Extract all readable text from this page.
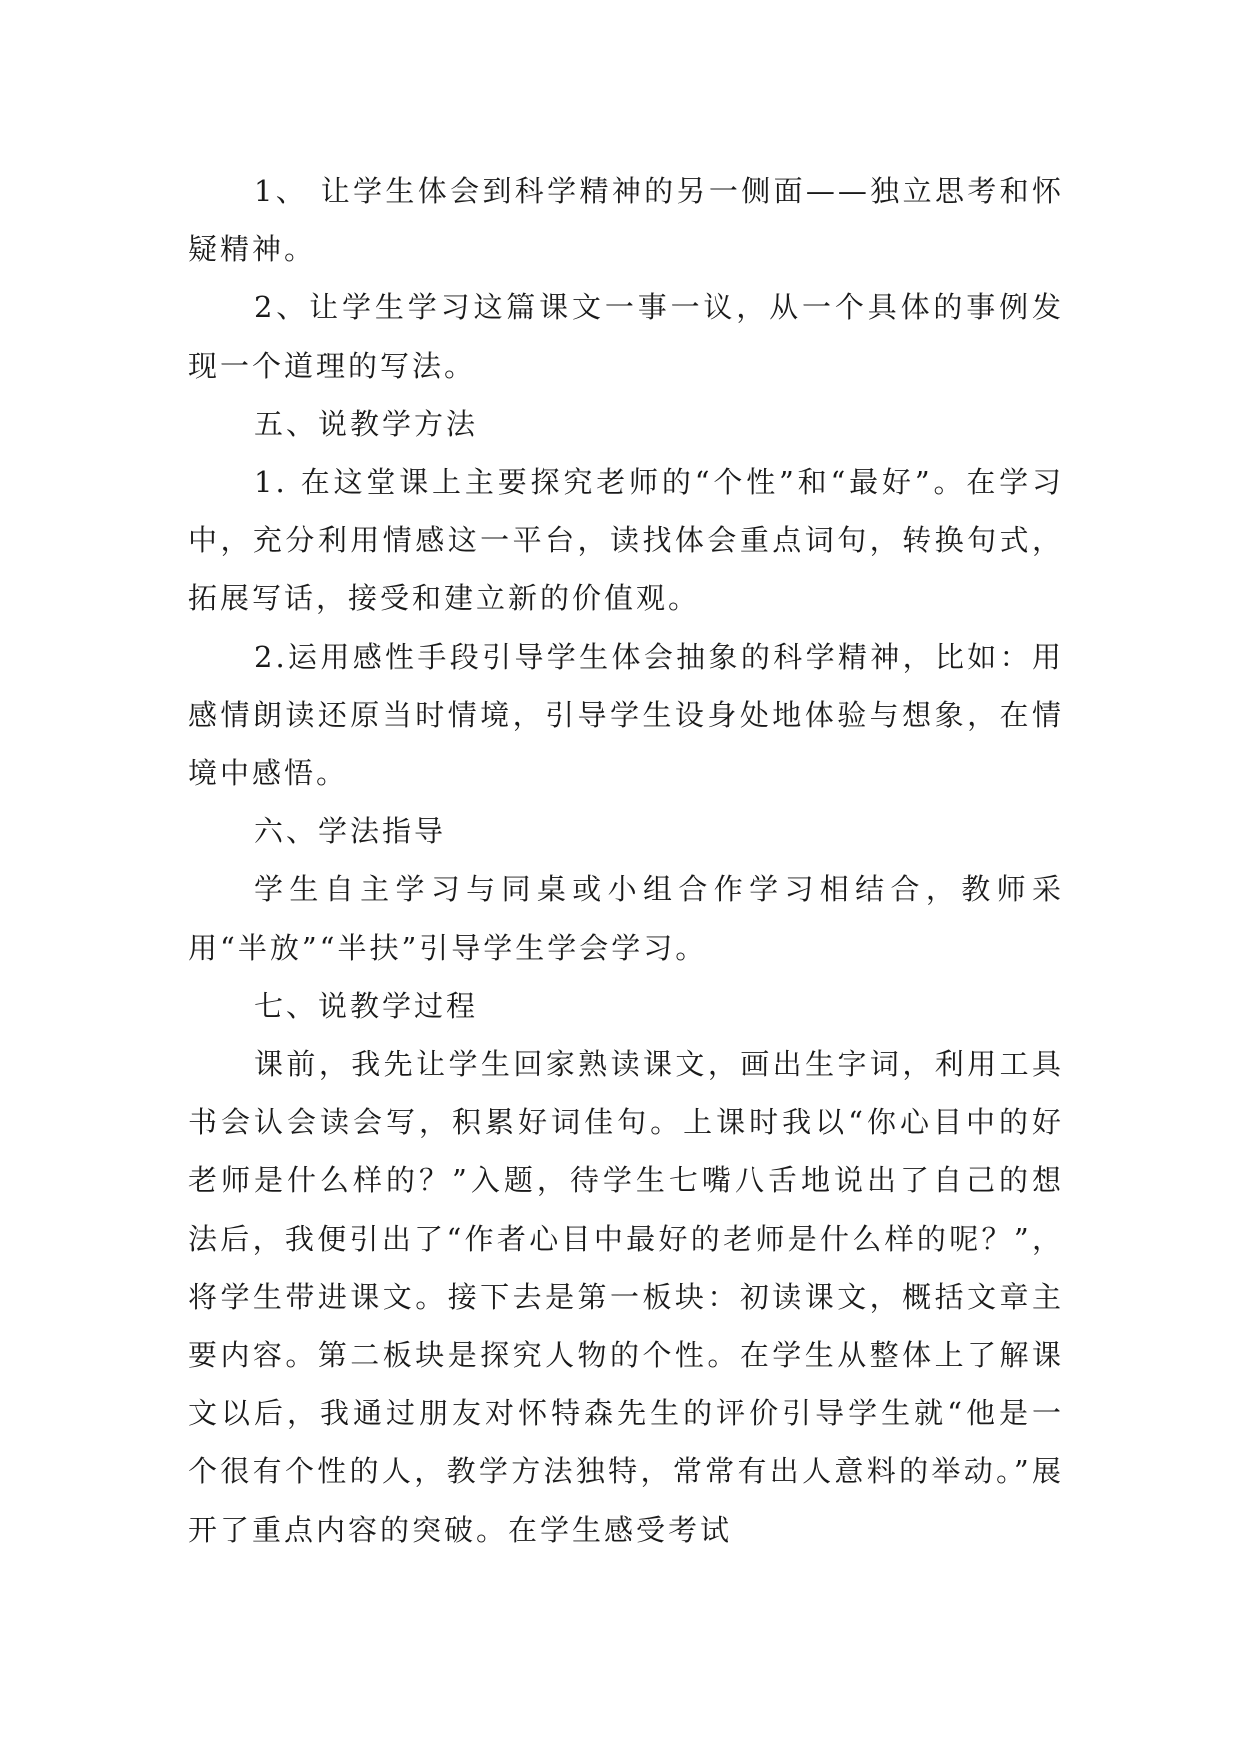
1、 让学生体会到科学精神的另一侧面——独立思考和怀疑精神。

2、让学生学习这篇课文一事一议，从一个具体的事例发现一个道理的写法。

五、说教学方法

1. 在这堂课上主要探究老师的“个性”和“最好”。在学习中，充分利用情感这一平台，读找体会重点词句，转换句式，拓展写话，接受和建立新的价值观。

2.运用感性手段引导学生体会抽象的科学精神，比如：用感情朗读还原当时情境，引导学生设身处地体验与想象，在情境中感悟。

六、学法指导

学生自主学习与同桌或小组合作学习相结合，教师采用“半放”“半扶”引导学生学会学习。

七、说教学过程

课前，我先让学生回家熟读课文，画出生字词，利用工具书会认会读会写，积累好词佳句。上课时我以“你心目中的好老师是什么样的？”入题，待学生七嘴八舌地说出了自己的想法后，我便引出了“作者心目中最好的老师是什么样的呢？”，将学生带进课文。接下去是第一板块：初读课文，概括文章主要内容。第二板块是探究人物的个性。在学生从整体上了解课文以后，我通过朋友对怀特森先生的评价引导学生就“他是一个很有个性的人，教学方法独特，常常有出人意料的举动。”展开了重点内容的突破。在学生感受考试
